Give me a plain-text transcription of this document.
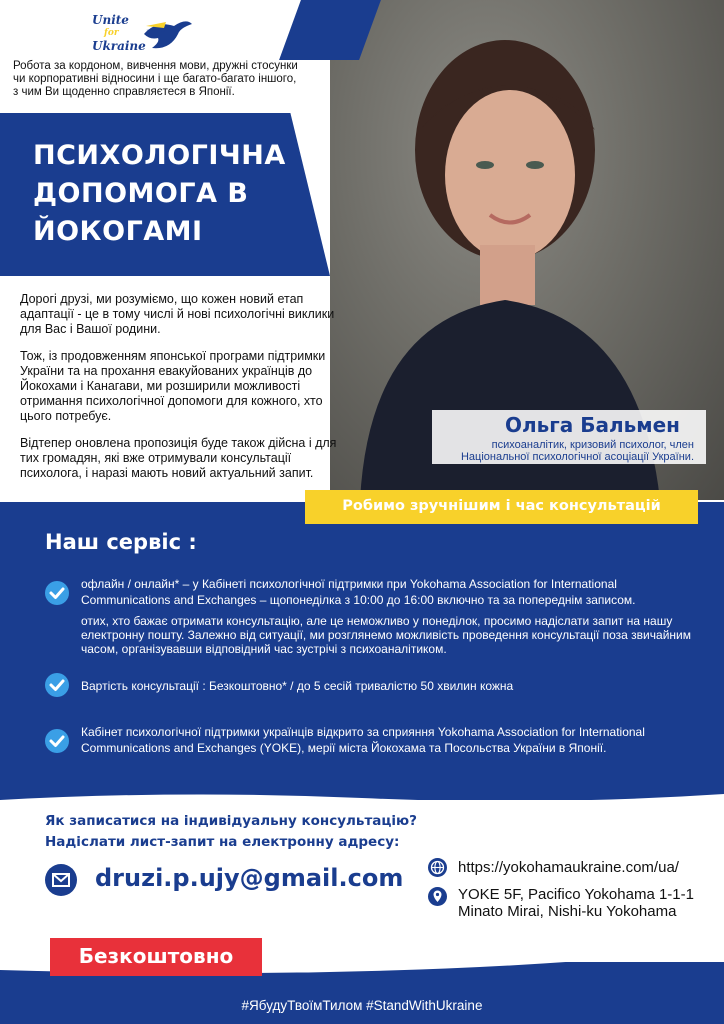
Unite
for
Ukraine
Робота за кордоном, вивчення мови, дружні стосунки чи корпоративні відносини і ще багато-багато іншого, з чим Ви щоденно справляєтеся в Японії.
ПСИХОЛОГІЧНА ДОПОМОГА В ЙОКОГАМІ
Дорогі друзі, ми розуміємо, що кожен новий етап адаптації - це в тому числі й нові психологічні виклики для Вас і Вашої родини.
Тож, із продовженням японської програми підтримки України та на прохання евакуйованих українців до Йокохами і Канагави, ми розширили можливості отримання психологічної допомоги для кожного, хто цього потребує.
Відтепер оновлена пропозиція буде також дійсна і для тих громадян, які вже отримували консультації психолога, і наразі мають новий актуальний запит.
Ольга Бальмен
психоаналітик, кризовий психолог, член
Національної психологічної асоціації України.
Робимо зручнішим і час консультацій
Наш сервіс :
офлайн / онлайн* – у Кабінеті психологічної підтримки при Yokohama Association for International
Communications and Exchanges – щопонеділка з 10:00 до 16:00 включно та за попереднім записом.
отих, хто бажає отримати консультацію, але це неможливо у понеділок, просимо надіслати запит на нашу електронну пошту. Залежно від ситуації, ми розглянемо можливість проведення консультації поза звичайним часом, організувавши відповідний час зустрічі з психоаналітиком.
Вартість консультації : Безкоштовно* / до 5 сесій тривалістю 50 хвилин кожна
Кабінет психологічної підтримки українців відкрито за сприяння Yokohama Association for International
Communications and Exchanges (YOKE), мерії міста Йокохама та Посольства України в Японії.
Як записатися на індивідуальну консультацію?
Надіслати лист-запит на електронну адресу:
druzi.p.ujy@gmail.com	https://yokohamaukraine.com/ua/
YOKE 5F, Pacifico Yokohama 1-1-1
Minato Mirai, Nishi-ku Yokohama
Безкоштовно
#ЯбудуТвоїмТилом #StandWithUkraine
